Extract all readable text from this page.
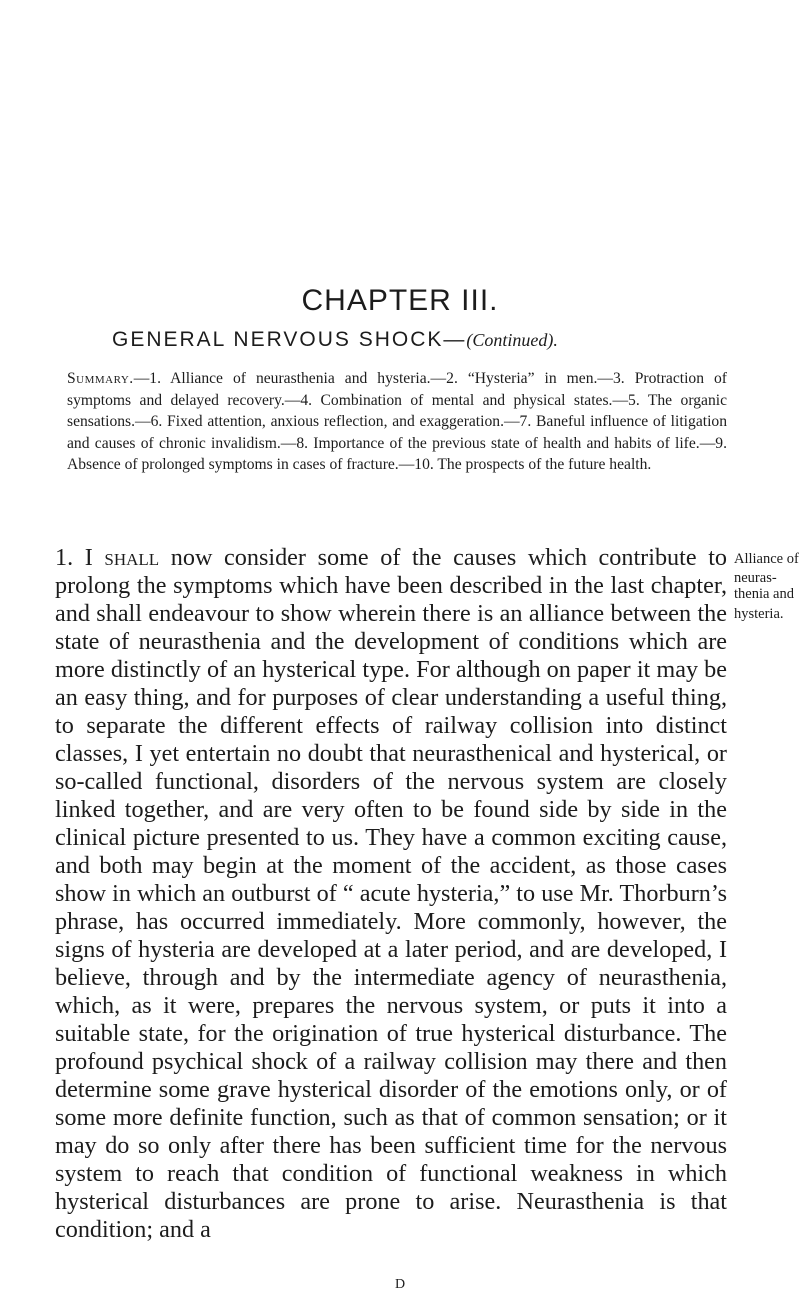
CHAPTER III.
GENERAL NERVOUS SHOCK—(Continued).
Summary.—1. Alliance of neurasthenia and hysteria.—2. “Hysteria” in men.—3. Protraction of symptoms and delayed recovery.—4. Combination of mental and physical states.—5. The organic sensations.—6. Fixed attention, anxious reflection, and exaggeration.—7. Baneful influence of litigation and causes of chronic invalidism.—8. Importance of the previous state of health and habits of life.—9. Absence of prolonged symptoms in cases of fracture.—10. The prospects of the future health.
1. I shall now consider some of the causes which contribute to prolong the symptoms which have been described in the last chapter, and shall endeavour to show wherein there is an alliance between the state of neurasthenia and the development of conditions which are more distinctly of an hysterical type. For although on paper it may be an easy thing, and for purposes of clear understanding a useful thing, to separate the different effects of railway collision into distinct classes, I yet entertain no doubt that neurasthenical and hysterical, or so-called functional, disorders of the nervous system are closely linked together, and are very often to be found side by side in the clinical picture presented to us. They have a common exciting cause, and both may begin at the moment of the accident, as those cases show in which an outburst of “ acute hysteria,” to use Mr. Thorburn’s phrase, has occurred immediately. More commonly, however, the signs of hysteria are developed at a later period, and are developed, I believe, through and by the intermediate agency of neurasthenia, which, as it were, prepares the nervous system, or puts it into a suitable state, for the origination of true hysterical disturbance. The profound psychical shock of a railway collision may there and then determine some grave hysterical disorder of the emotions only, or of some more definite function, such as that of common sensation; or it may do so only after there has been sufficient time for the nervous system to reach that condition of functional weakness in which hysterical disturbances are prone to arise. Neurasthenia is that condition; and a
Alliance of
neuras-
thenia and
hysteria.
D
